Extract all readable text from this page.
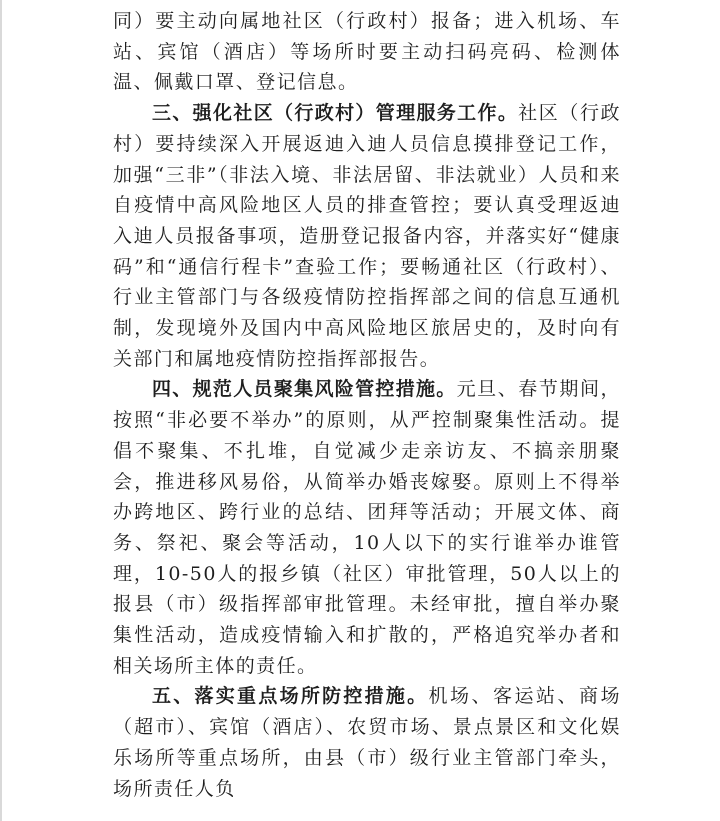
同）要主动向属地社区（行政村）报备；进入机场、车站、宾馆（酒店）等场所时要主动扫码亮码、检测体温、佩戴口罩、登记信息。

三、强化社区（行政村）管理服务工作。社区（行政村）要持续深入开展返迪入迪人员信息摸排登记工作，加强“三非”（非法入境、非法居留、非法就业）人员和来自疫情中高风险地区人员的排查管控；要认真受理返迪入迪人员报备事项，造册登记报备内容，并落实好“健康码”和“通信行程卡”查验工作；要畅通社区（行政村）、行业主管部门与各级疫情防控指挥部之间的信息互通机制，发现境外及国内中高风险地区旅居史的，及时向有关部门和属地疫情防控指挥部报告。

四、规范人员聚集风险管控措施。元旦、春节期间，按照“非必要不举办”的原则，从严控制聚集性活动。提倡不聚集、不扎堆，自觉减少走亲访友、不搞亲朋聚会，推进移风易俗，从简举办婚丧嫁娶。原则上不得举办跨地区、跨行业的总结、团拜等活动；开展文体、商务、祭祀、聚会等活动，10人以下的实行谁举办谁管理，10-50人的报乡镇（社区）审批管理，50人以上的报县（市）级指挥部审批管理。未经审批，擅自举办聚集性活动，造成疫情输入和扩散的，严格追究举办者和相关场所主体的责任。

五、落实重点场所防控措施。机场、客运站、商场（超市）、宾馆（酒店）、农贸市场、景点景区和文化娱乐场所等重点场所，由县（市）级行业主管部门牵头，场所责任人负
